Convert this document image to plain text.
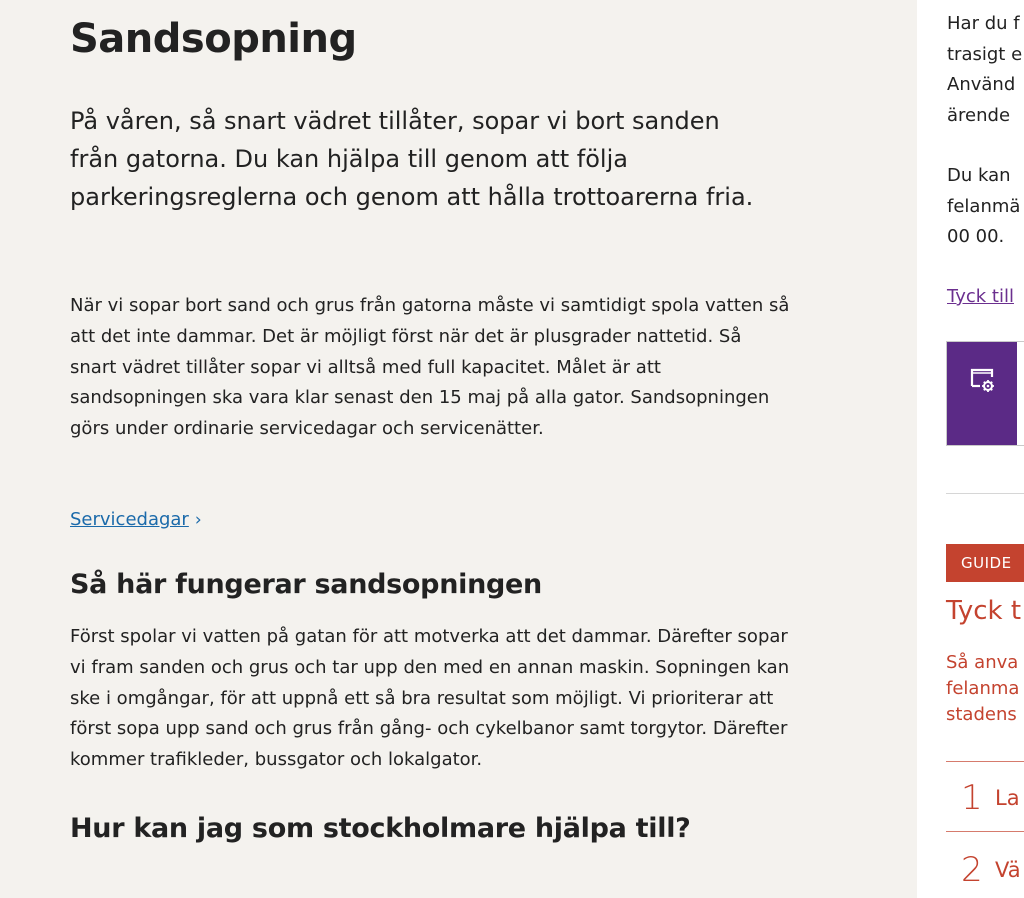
Sandsopning

På våren, så snart vädret tillåter, sopar vi bort sanden från gatorna. Du kan hjälpa till genom att följa parkeringsreglerna och genom att hålla trottoarerna fria.

När vi sopar bort sand och grus från gatorna måste vi samtidigt spola vatten så att det inte dammar. Det är möjligt först när det är plusgrader nattetid. Så snart vädret tillåter sopar vi alltså med full kapacitet. Målet är att sandsopningen ska vara klar senast den 15 maj på alla gator. Sandsopningen görs under ordinarie servicedagar och servicenätter.

Servicedagar ›
Så här fungerar sandsopningen

Först spolar vi vatten på gatan för att motverka att det dammar. Därefter sopar vi fram sanden och grus och tar upp den med en annan maskin. Sopningen kan ske i omgångar, för att uppnå ett så bra resultat som möjligt. Vi prioriterar att först sopa upp sand och grus från gång- och cykelbanor samt torgytor. Därefter kommer trafikleder, bussgator och lokalgator.

Hur kan jag som stockholmare hjälpa till?
Har du f
trasigt e
Använd
ärende
Du kan
felanmä
00 00.
Tyck till
GUIDE
Tyck t
Så anva
felanma
stadens
1 La
2 Vä
